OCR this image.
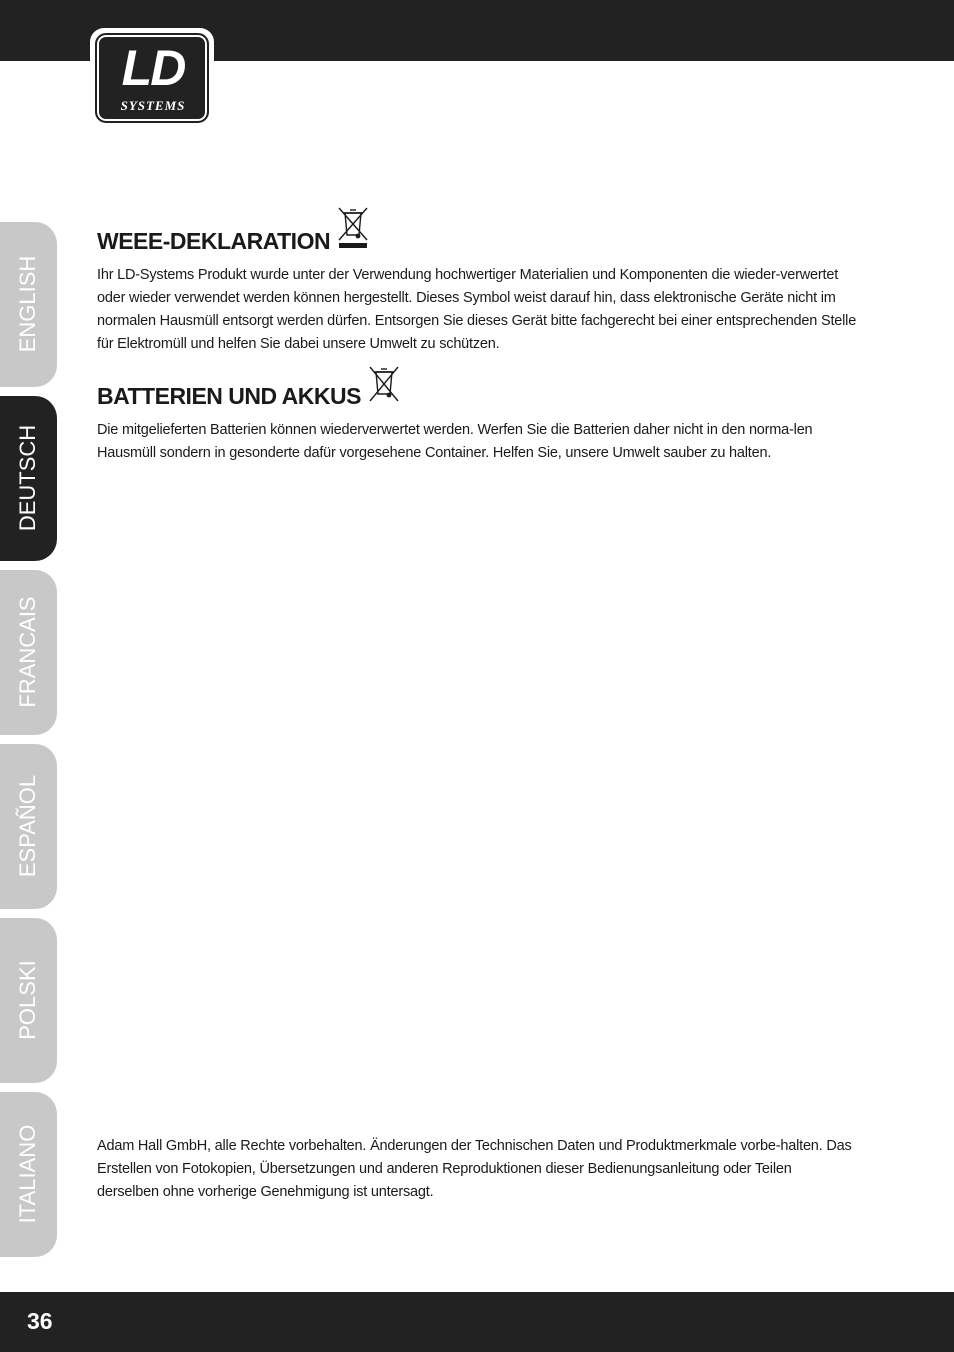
LD
SYSTEMS
ENGLISH
DEUTSCH
FRANCAIS
ESPAÑOL
POLSKI
ITALIANO
WEEE -DEKLARATION

Ihr LD-Systems Produkt wurde unter der Verwendung hochwertiger Materialien und Komponenten die wieder-verwertet oder wieder verwendet werden können hergestellt. Dieses Symbol weist darauf hin, dass elektronische Geräte nicht im normalen Hausmüll entsorgt werden dürfen. Entsorgen Sie dieses Gerät bitte fachgerecht bei einer entsprechenden Stelle für Elektromüll und helfen Sie dabei unsere Umwelt zu schützen.

BATTERIEN UND AKKUS

Die mitgelieferten Batterien können wiederverwertet werden. Werfen Sie die Batterien daher nicht in den norma-len Hausmüll sondern in gesonderte dafür vorgesehene Container. Helfen Sie, unsere Umwelt sauber zu halten.

Adam Hall GmbH, alle Rechte vorbehalten. Änderungen der Technischen Daten und Produktmerkmale vorbe-halten. Das Erstellen von Fotokopien, Übersetzungen und anderen Reproduktionen dieser Bedienungsanleitung oder Teilen derselben ohne vorherige Genehmigung ist untersagt.
36
